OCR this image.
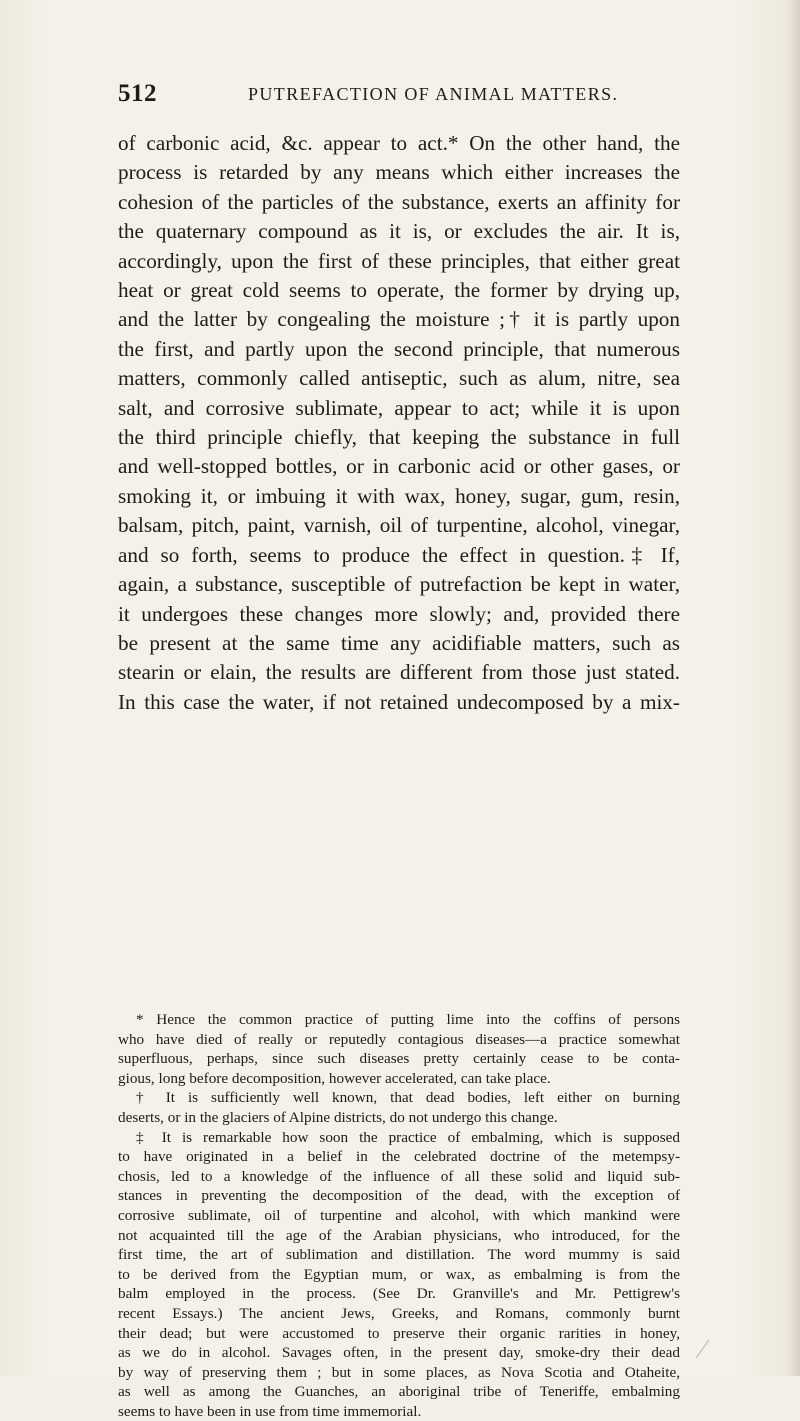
512	PUTREFACTION OF ANIMAL MATTERS.
of carbonic acid, &c. appear to act.* On the other hand, the
process is retarded by any means which either increases the
cohesion of the particles of the substance, exerts an affinity for
the quaternary compound as it is, or excludes the air. It is,
accordingly, upon the first of these principles, that either great
heat or great cold seems to operate, the former by drying up,
and the latter by congealing the moisture ;† it is partly upon
the first, and partly upon the second principle, that numerous
matters, commonly called antiseptic, such as alum, nitre, sea
salt, and corrosive sublimate, appear to act; while it is upon
the third principle chiefly, that keeping the substance in full
and well-stopped bottles, or in carbonic acid or other gases, or
smoking it, or imbuing it with wax, honey, sugar, gum, resin,
balsam, pitch, paint, varnish, oil of turpentine, alcohol, vinegar,
and so forth, seems to produce the effect in question.‡ If,
again, a substance, susceptible of putrefaction be kept in water,
it undergoes these changes more slowly; and, provided there
be present at the same time any acidifiable matters, such as
stearin or elain, the results are different from those just stated.
In this case the water, if not retained undecomposed by a mix-
* Hence the common practice of putting lime into the coffins of persons
who have died of really or reputedly contagious diseases—a practice somewhat
superfluous, perhaps, since such diseases pretty certainly cease to be conta-
gious, long before decomposition, however accelerated, can take place.
† It is sufficiently well known, that dead bodies, left either on burning
deserts, or in the glaciers of Alpine districts, do not undergo this change.
‡ It is remarkable how soon the practice of embalming, which is supposed
to have originated in a belief in the celebrated doctrine of the metempsy-
chosis, led to a knowledge of the influence of all these solid and liquid sub-
stances in preventing the decomposition of the dead, with the exception of
corrosive sublimate, oil of turpentine and alcohol, with which mankind were
not acquainted till the age of the Arabian physicians, who introduced, for the
first time, the art of sublimation and distillation. The word mummy is said
to be derived from the Egyptian mum, or wax, as embalming is from the
balm employed in the process. (See Dr. Granville's and Mr. Pettigrew's
recent Essays.) The ancient Jews, Greeks, and Romans, commonly burnt
their dead; but were accustomed to preserve their organic rarities in honey,
as we do in alcohol. Savages often, in the present day, smoke-dry their dead
by way of preserving them ; but in some places, as Nova Scotia and Otaheite,
as well as among the Guanches, an aboriginal tribe of Teneriffe, embalming
seems to have been in use from time immemorial.
